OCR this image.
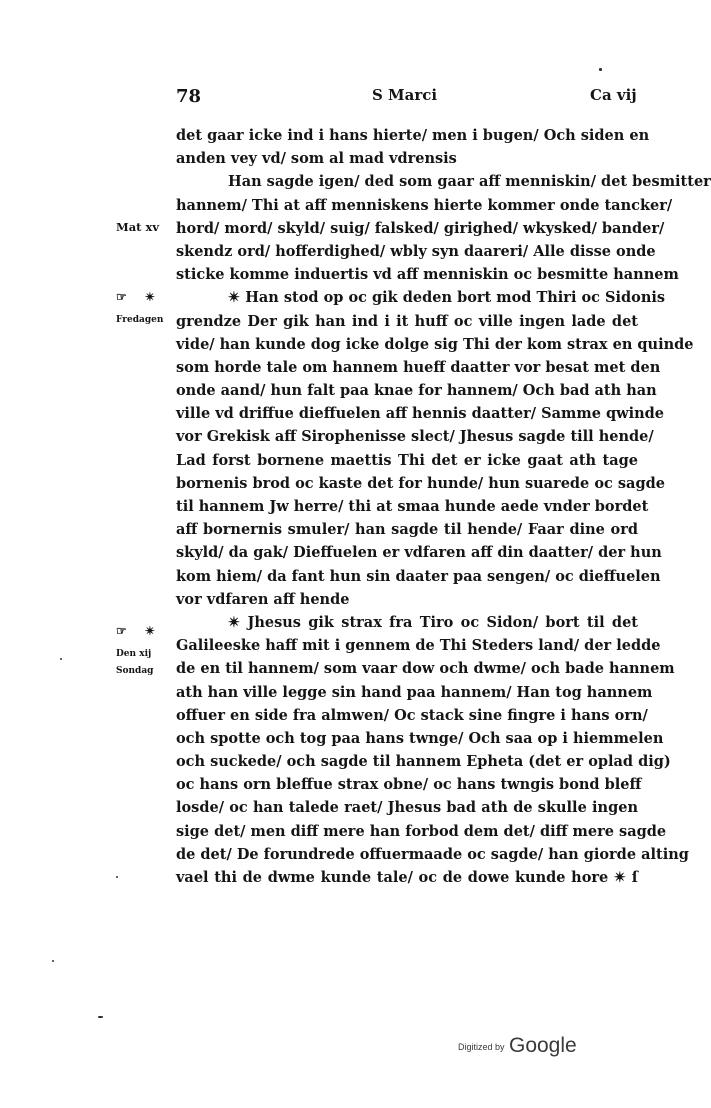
78	S Marci	Ca vij
det gaar icke ind i hans hierte/ men i bugen/ Och siden en
anden vey vd/ som al mad vdrensis
Han sagde igen/ ded som gaar aff menniskin/ det besmitter
hannem/ Thi at aff menniskens hierte kommer onde tancker/
hord/ mord/ skyld/ suig/ falsked/ girighed/ wkysked/ bander/
skendz ord/ hofferdighed/ wbly syn daareri/ Alle disse onde
sticke komme induertis vd aff menniskin oc besmitte hannem
✴ Han stod op oc gik deden bort mod Thiri oc Sidonis
grendze Der gik han ind i it huff oc ville ingen lade det
vide/ han kunde dog icke dolge sig Thi der kom strax en quinde
som horde tale om hannem hueff daatter vor besat met den
onde aand/ hun falt paa knae for hannem/ Och bad ath han
ville vd driffue dieffuelen aff hennis daatter/ Samme qwinde
vor Grekisk aff Sirophenisse slect/ Jhesus sagde till hende/
Lad forst bornene maettis Thi det er icke gaat ath tage
bornenis brod oc kaste det for hunde/ hun suarede oc sagde
til hannem Jw herre/ thi at smaa hunde aede vnder bordet
aff bornernis smuler/ han sagde til hende/ Faar dine ord
skyld/ da gak/ Dieffuelen er vdfaren aff din daatter/ der hun
kom hiem/ da fant hun sin daater paa sengen/ oc dieffuelen
vor vdfaren aff hende
✴ Jhesus gik strax fra Tiro oc Sidon/ bort til det
Galileeske haff mit i gennem de Thi Steders land/ der ledde
de en til hannem/ som vaar dow och dwme/ och bade hannem
ath han ville legge sin hand paa hannem/ Han tog hannem
offuer en side fra almwen/ Oc stack sine fingre i hans orn/
och spotte och tog paa hans twnge/ Och saa op i hiemmelen
och suckede/ och sagde til hannem Epheta (det er oplad dig)
oc hans orn bleffue strax obne/ oc hans twngis bond bleff
losde/ oc han talede raet/ Jhesus bad ath de skulle ingen
sige det/ men diff mere han forbod dem det/ diff mere sagde
de det/ De forundrede offuermaade oc sagde/ han giorde alting
vael thi de dwme kunde tale/ oc de dowe kunde hore ✴ ſ
Mat xv
☞ ✴
Fredagen
☞ ✴
Den xij
Sondag
Digitized by Google
